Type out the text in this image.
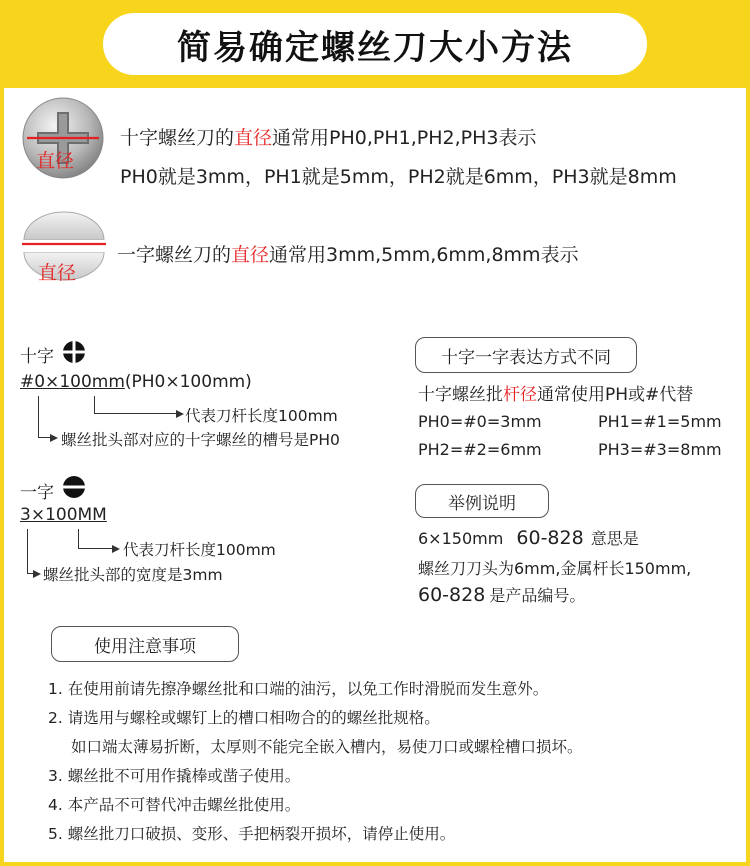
简易确定螺丝刀大小方法
直径
十字螺丝刀的直径通常用PH0,PH1,PH2,PH3表示
PH0就是3mm，PH1就是5mm，PH2就是6mm，PH3就是8mm
直径
一字螺丝刀的直径通常用3mm,5mm,6mm,8mm表示
十字
#0×100mm(PH0×100mm)
代表刀杆长度100mm
螺丝批头部对应的十字螺丝的槽号是PH0
一字
3×100MM
代表刀杆长度100mm
螺丝批头部的宽度是3mm
十字一字表达方式不同
十字螺丝批杆径通常使用PH或#代替
PH0=#0=3mm	PH1=#1=5mm
PH2=#2=6mm	PH3=#3=8mm
举例说明
6×150mm 60-828 意思是
螺丝刀刀头为6mm,金属杆长150mm,
60-828 是产品编号。
使用注意事项
1. 在使用前请先擦净螺丝批和口端的油污，以免工作时滑脱而发生意外。
2. 请选用与螺栓或螺钉上的槽口相吻合的的螺丝批规格。
如口端太薄易折断，太厚则不能完全嵌入槽内，易使刀口或螺栓槽口损坏。
3. 螺丝批不可用作撬棒或凿子使用。
4. 本产品不可替代冲击螺丝批使用。
5. 螺丝批刀口破损、变形、手把柄裂开损坏，请停止使用。
